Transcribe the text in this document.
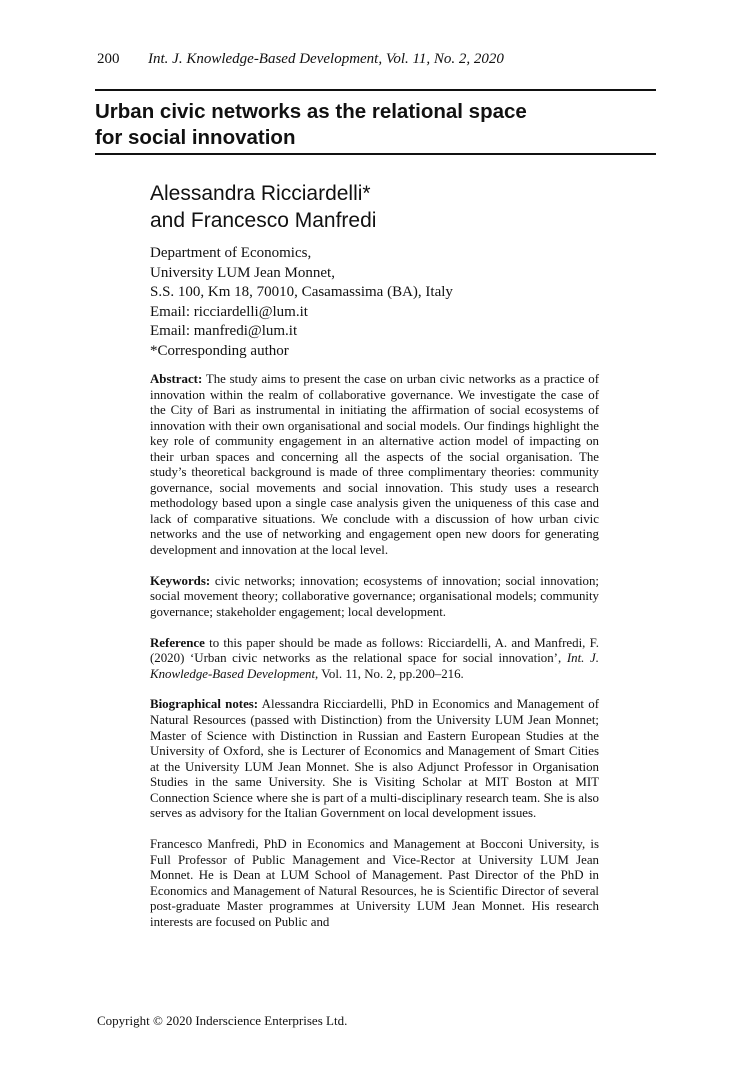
200 Int. J. Knowledge-Based Development, Vol. 11, No. 2, 2020
Urban civic networks as the relational space
for social innovation
Alessandra Ricciardelli*
and Francesco Manfredi
Department of Economics,
University LUM Jean Monnet,
S.S. 100, Km 18, 70010, Casamassima (BA), Italy
Email: ricciardelli@lum.it
Email: manfredi@lum.it
*Corresponding author

Abstract: The study aims to present the case on urban civic networks as a practice of innovation within the realm of collaborative governance. We investigate the case of the City of Bari as instrumental in initiating the affirmation of social ecosystems of innovation with their own organisational and social models. Our findings highlight the key role of community engagement in an alternative action model of impacting on their urban spaces and concerning all the aspects of the social organisation. The study’s theoretical background is made of three complimentary theories: community governance, social movements and social innovation. This study uses a research methodology based upon a single case analysis given the uniqueness of this case and lack of comparative situations. We conclude with a discussion of how urban civic networks and the use of networking and engagement open new doors for generating development and innovation at the local level.

Keywords: civic networks; innovation; ecosystems of innovation; social innovation; social movement theory; collaborative governance; organisational models; community governance; stakeholder engagement; local development.

Reference to this paper should be made as follows: Ricciardelli, A. and Manfredi, F. (2020) ‘Urban civic networks as the relational space for social innovation’, Int. J. Knowledge-Based Development, Vol. 11, No. 2, pp.200–216.

Biographical notes: Alessandra Ricciardelli, PhD in Economics and Management of Natural Resources (passed with Distinction) from the University LUM Jean Monnet; Master of Science with Distinction in Russian and Eastern European Studies at the University of Oxford, she is Lecturer of Economics and Management of Smart Cities at the University LUM Jean Monnet. She is also Adjunct Professor in Organisation Studies in the same University. She is Visiting Scholar at MIT Boston at MIT Connection Science where she is part of a multi-disciplinary research team. She is also serves as advisory for the Italian Government on local development issues.

Francesco Manfredi, PhD in Economics and Management at Bocconi University, is Full Professor of Public Management and Vice-Rector at University LUM Jean Monnet. He is Dean at LUM School of Management. Past Director of the PhD in Economics and Management of Natural Resources, he is Scientific Director of several post-graduate Master programmes at University LUM Jean Monnet. His research interests are focused on Public and

Copyright © 2020 Inderscience Enterprises Ltd.
